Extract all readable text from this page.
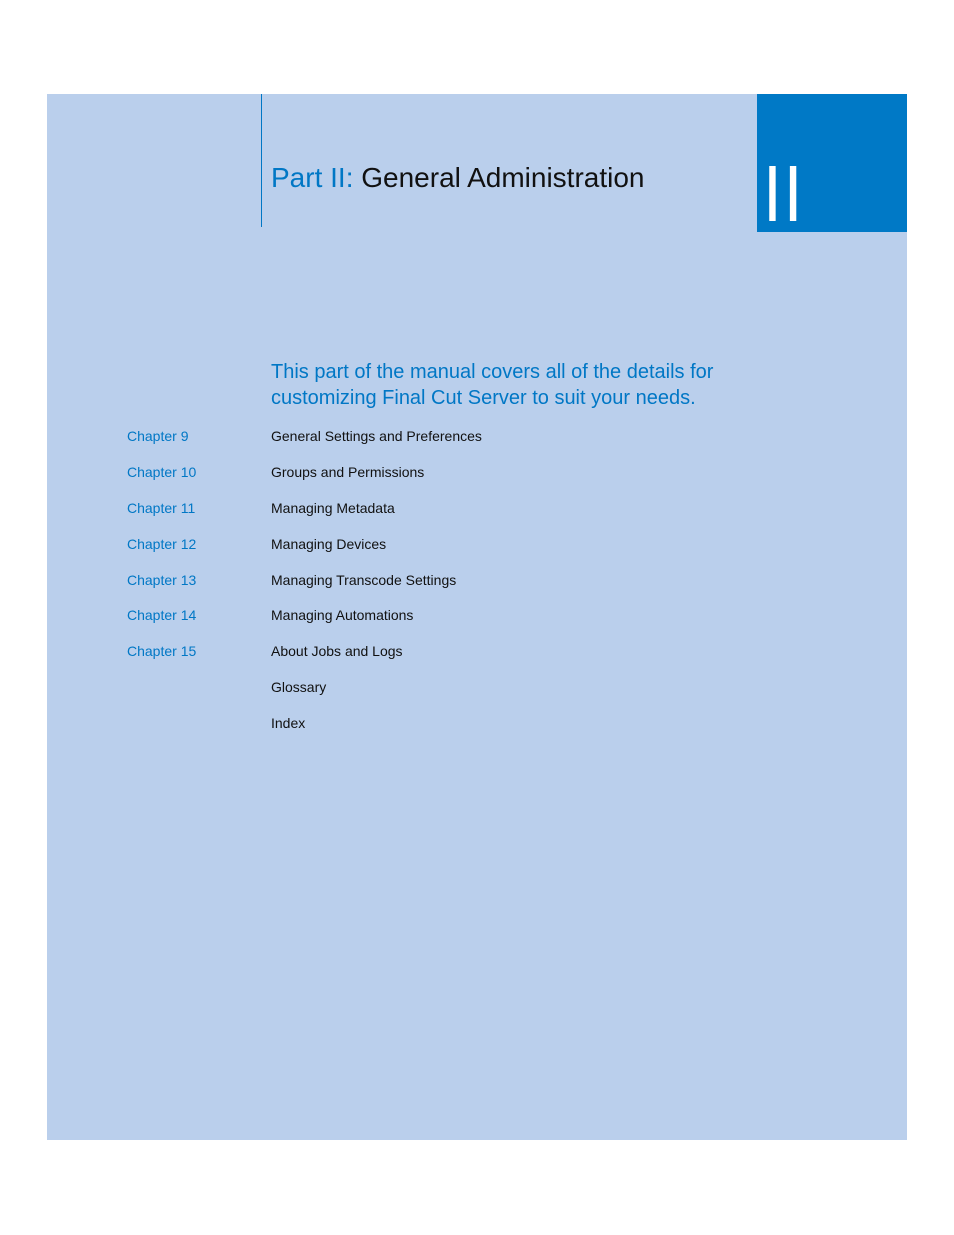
II
Part II: General Administration

This part of the manual covers all of the details for customizing Final Cut Server to suit your needs.

Chapter 9	General Settings and Preferences
Chapter 10	Groups and Permissions
Chapter 11	Managing Metadata
Chapter 12	Managing Devices
Chapter 13	Managing Transcode Settings
Chapter 14	Managing Automations
Chapter 15	About Jobs and Logs
Glossary
Index
